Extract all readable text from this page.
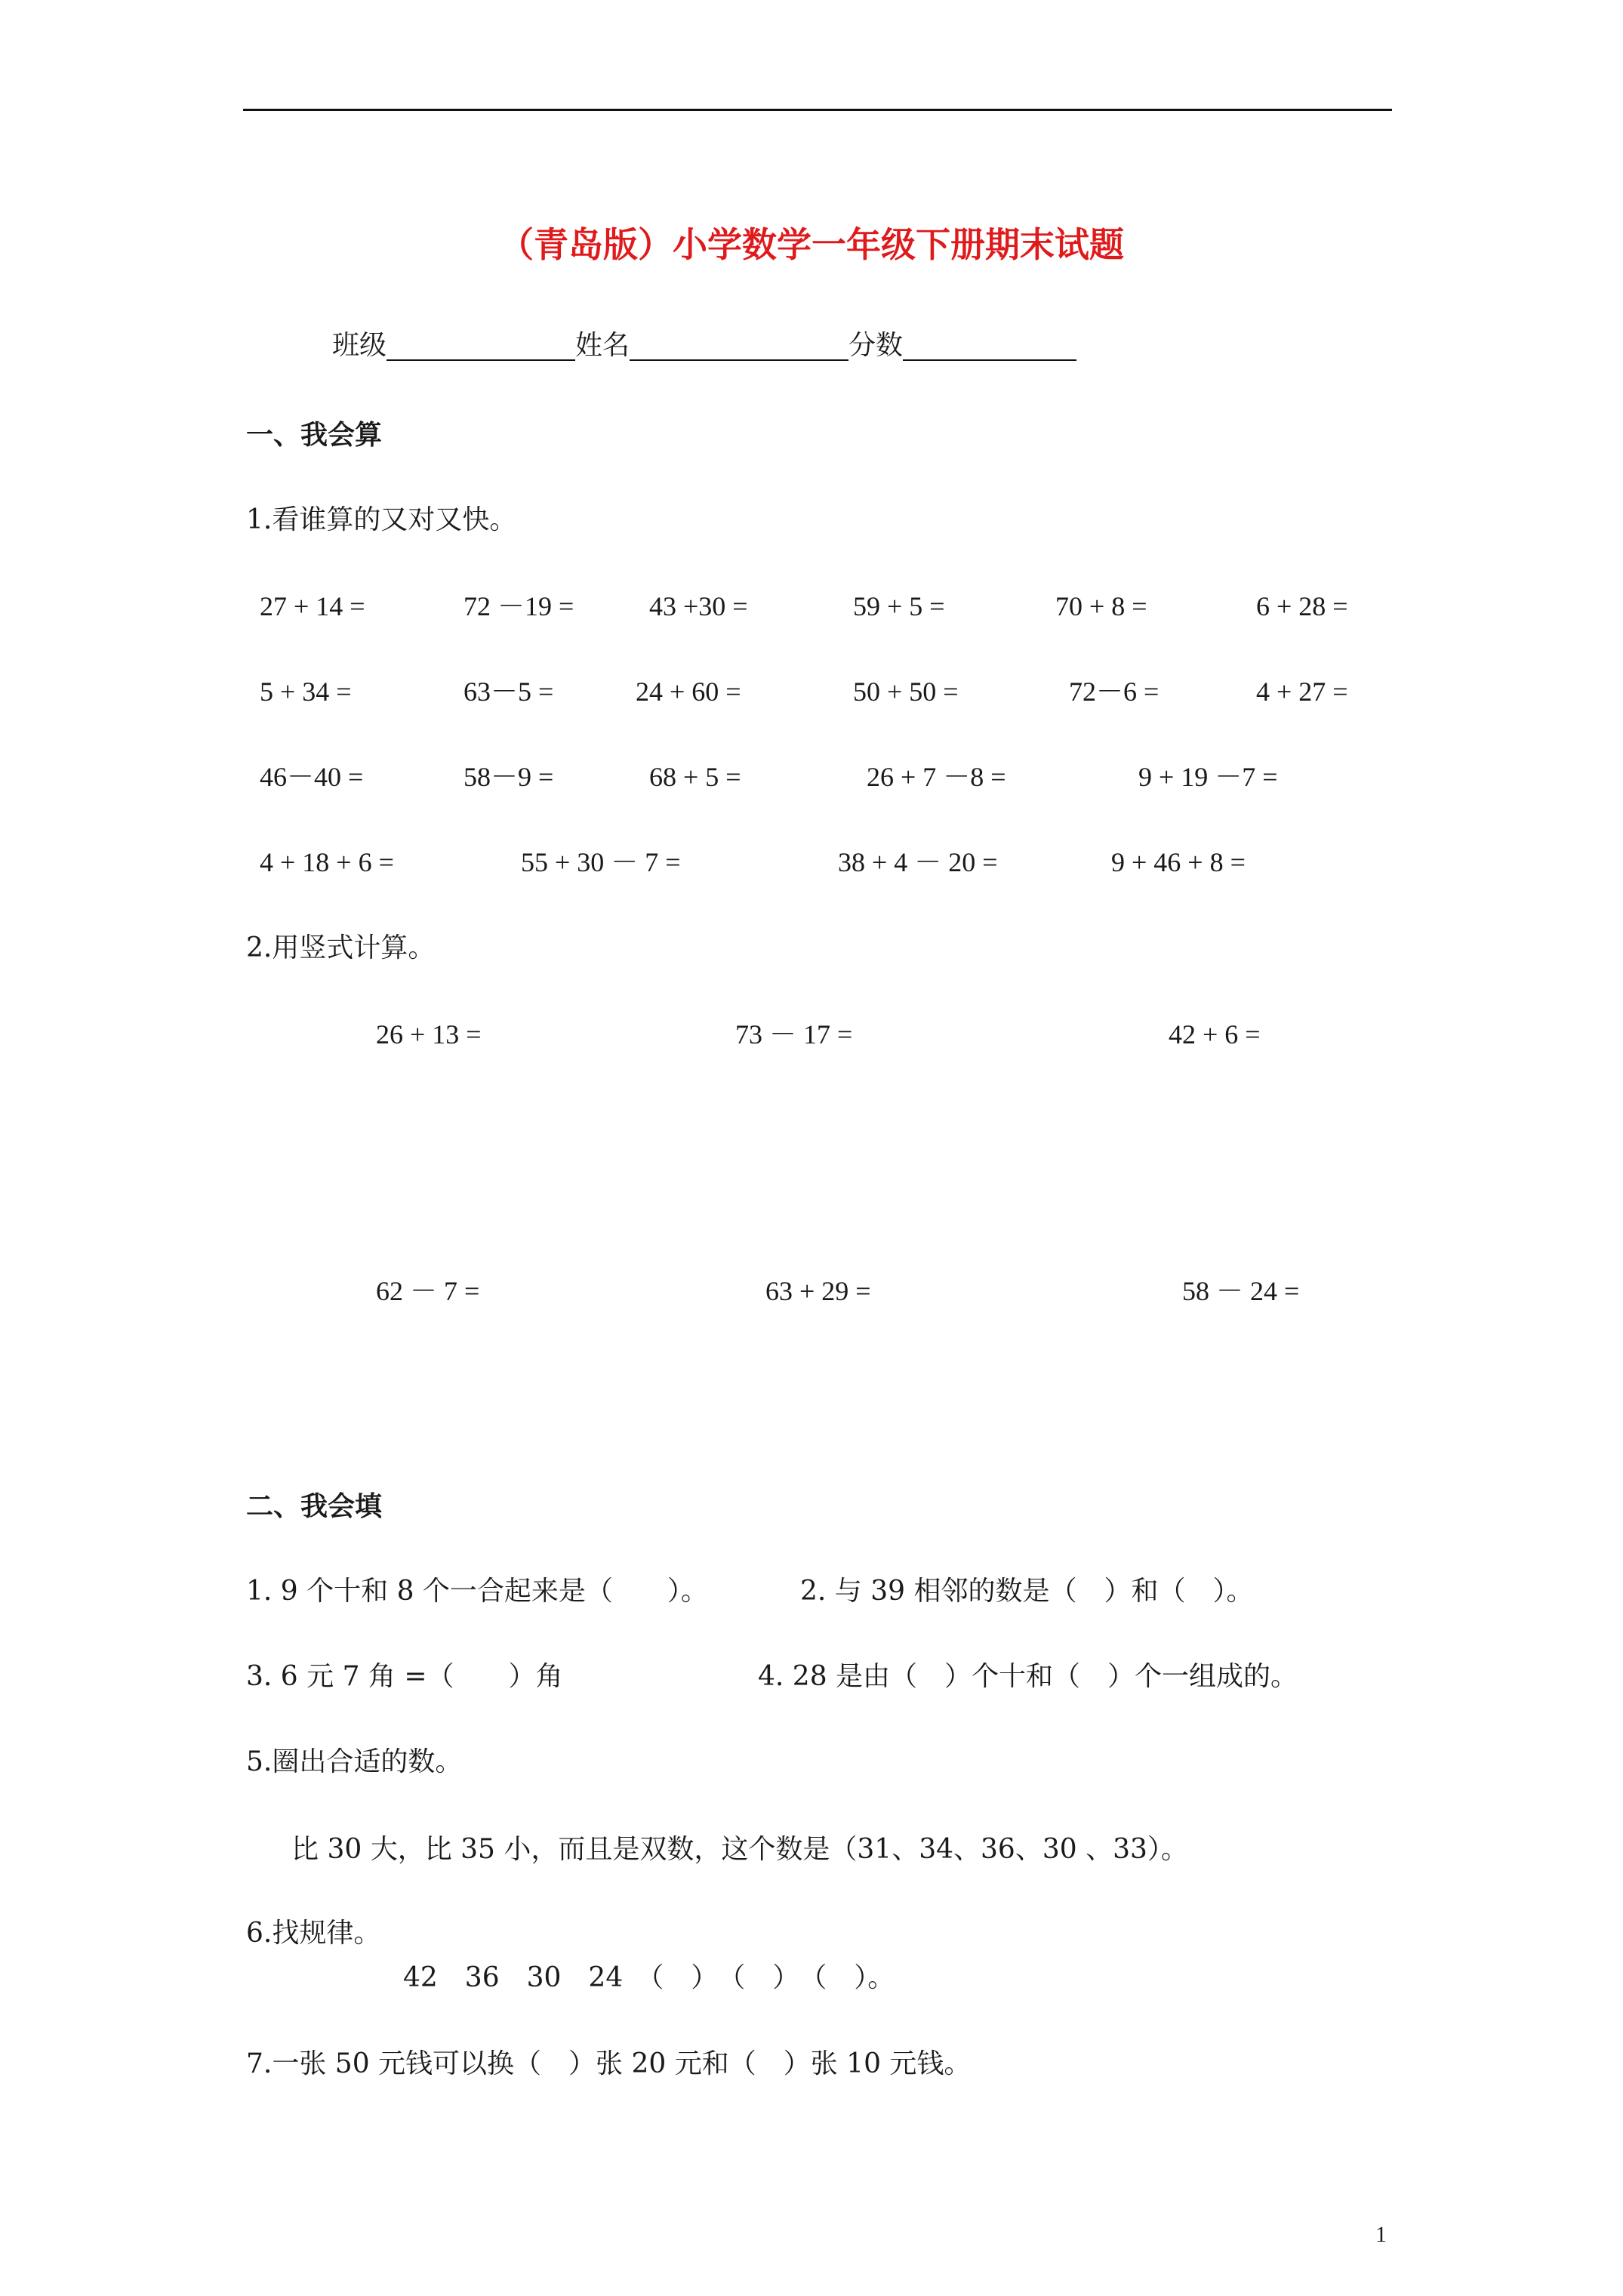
（青岛版）小学数学一年级下册期末试题
班级	姓名	分数
一、我会算
1.看谁算的又对又快。
27 + 14 =	72 －19 =	43 +30 =	59 + 5 =	70 + 8 =	6 + 28 =
5 + 34 =	63－5 =	24 + 60 =	50 + 50 =	72－6 =	4 + 27 =
46－40 =	58－9 =	68 + 5 =	26 + 7 －8 =	9 + 19 －7 =
4 + 18 + 6 =	55 + 30 － 7 =	38 + 4 － 20 =	9 + 46 + 8 =
2.用竖式计算。
26 + 13 =	73 － 17 =	42 + 6 =
62 － 7 =	63 + 29 =	58 － 24 =
二、我会填
1. 9 个十和 8 个一合起来是（　　）。	2. 与 39 相邻的数是（　）和（　）。
3. 6 元 7 角 =（　　）角	4. 28 是由（　）个十和（　）个一组成的。
5.圈出合适的数。
比 30 大，比 35 小，而且是双数，这个数是（31、34、36、30 、33）。
6.找规律。
42　36　30　24　（　）　（　）　（　）。
7.一张 50 元钱可以换（　）张 20 元和（　）张 10 元钱。
1
